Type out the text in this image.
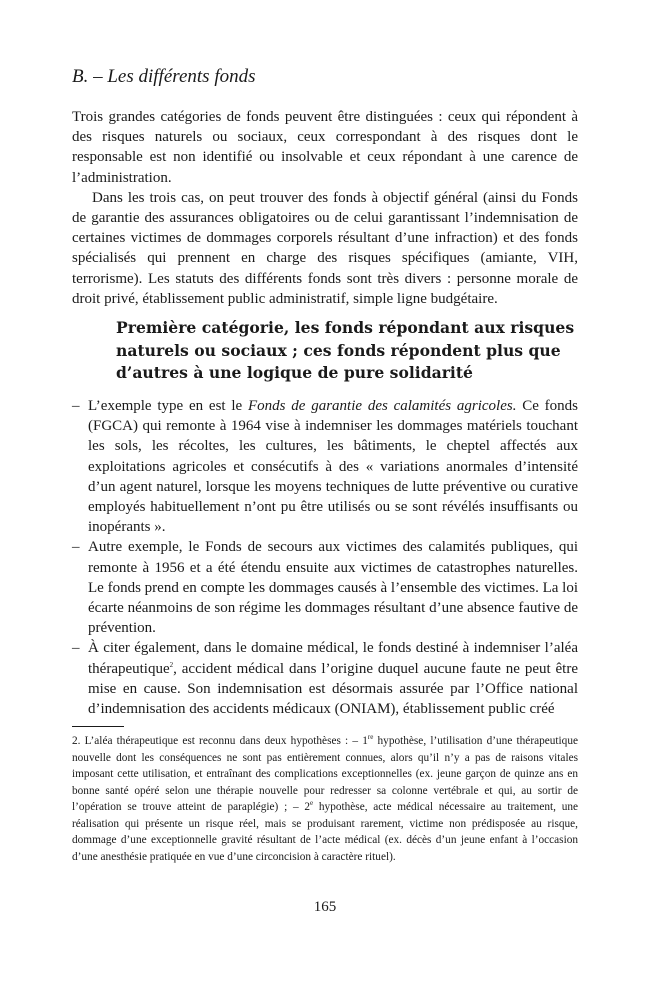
B. – Les différents fonds

Trois grandes catégories de fonds peuvent être distinguées : ceux qui répondent à des risques naturels ou sociaux, ceux correspondant à des risques dont le responsable est non identifié ou insolvable et ceux répondant à une carence de l’administration.

Dans les trois cas, on peut trouver des fonds à objectif général (ainsi du Fonds de garantie des assurances obligatoires ou de celui garantissant l’indemnisation de certaines victimes de dommages corporels résultant d’une infraction) et des fonds spécialisés qui prennent en charge des risques spécifiques (amiante, VIH, terrorisme). Les statuts des différents fonds sont très divers : personne morale de droit privé, établissement public administratif, simple ligne budgétaire.

Première catégorie, les fonds répondant aux risques naturels ou sociaux ; ces fonds répondent plus que d’autres à une logique de pure solidarité
– L’exemple type en est le Fonds de garantie des calamités agricoles. Ce fonds (FGCA) qui remonte à 1964 vise à indemniser les dommages matériels touchant les sols, les récoltes, les cultures, les bâtiments, le cheptel affectés aux exploitations agricoles et consécutifs à des « variations anormales d’intensité d’un agent naturel, lorsque les moyens techniques de lutte préventive ou curative employés habituellement n’ont pu être utilisés ou se sont révélés insuffisants ou inopérants ».
– Autre exemple, le Fonds de secours aux victimes des calamités publiques, qui remonte à 1956 et a été étendu ensuite aux victimes de catastrophes naturelles. Le fonds prend en compte les dommages causés à l’ensemble des victimes. La loi écarte néanmoins de son régime les dommages résultant d’une absence fautive de prévention.
– À citer également, dans le domaine médical, le fonds destiné à indemniser l’aléa thérapeutique$^2$, accident médical dans l’origine duquel aucune faute ne peut être mise en cause. Son indemnisation est désormais assurée par l’Office national d’indemnisation des accidents médicaux (ONIAM), établissement public créé

2. L’aléa thérapeutique est reconnu dans deux hypothèses : – 1re hypothèse, l’utilisation d’une thérapeutique nouvelle dont les conséquences ne sont pas entièrement connues, alors qu’il n’y a pas de raisons vitales imposant cette utilisation, et entraînant des complications exceptionnelles (ex. jeune garçon de quinze ans en bonne santé opéré selon une thérapie nouvelle pour redresser sa colonne vertébrale et qui, au sortir de l’opération se trouve atteint de paraplégie) ; – 2e hypothèse, acte médical nécessaire au traitement, une réalisation qui présente un risque réel, mais se produisant rarement, victime non prédisposée au risque, dommage d’une exceptionnelle gravité résultant de l’acte médical (ex. décès d’un jeune enfant à l’occasion d’une anesthésie pratiquée en vue d’une circoncision à caractère rituel).

165
